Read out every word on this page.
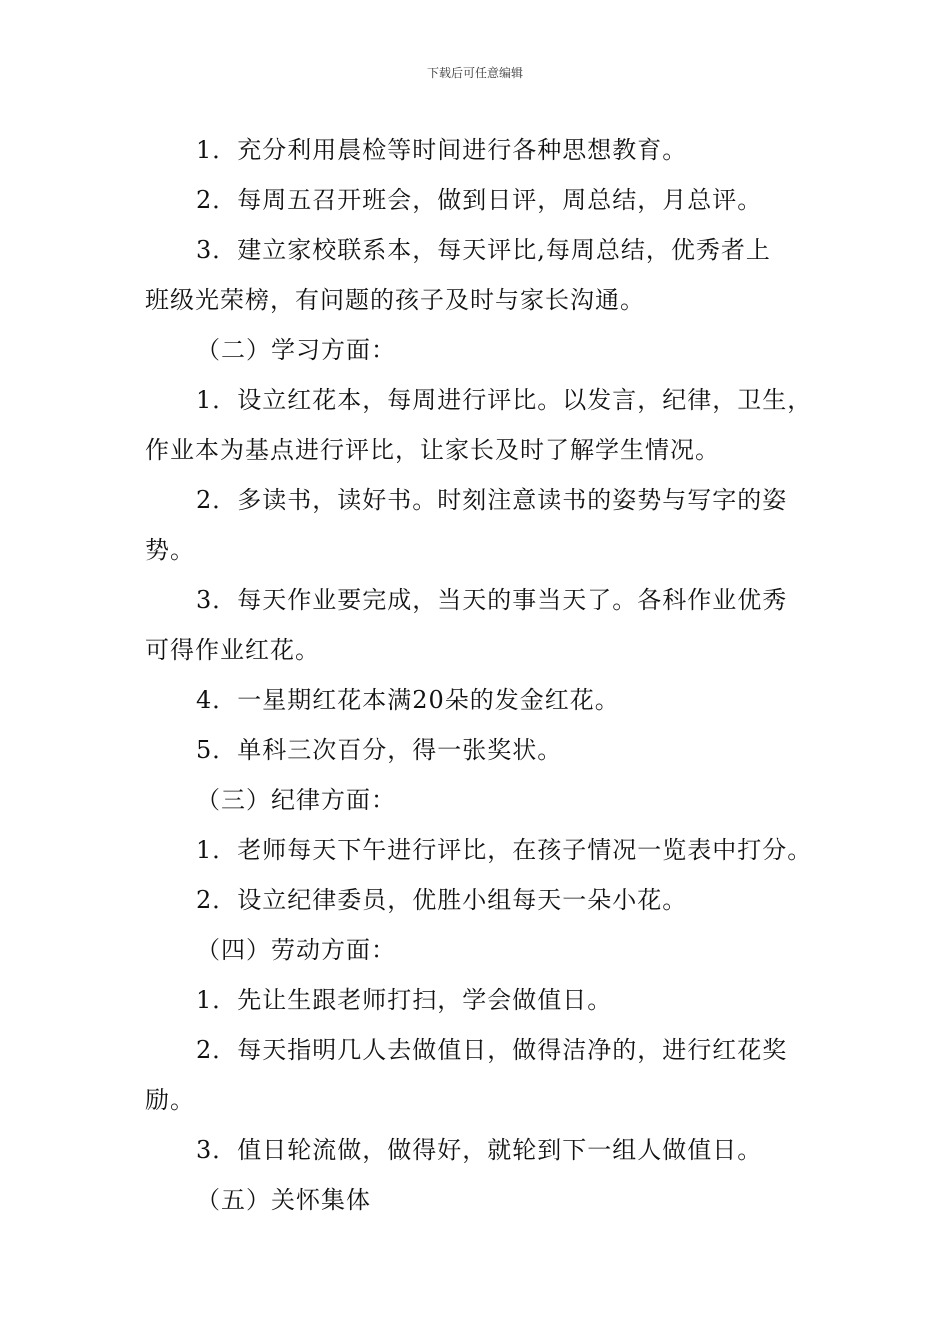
下载后可任意编辑
1．充分利用晨检等时间进行各种思想教育。
2．每周五召开班会，做到日评，周总结，月总评。
3．建立家校联系本，每天评比,每周总结，优秀者上
班级光荣榜，有问题的孩子及时与家长沟通。
（二）学习方面：
1．设立红花本，每周进行评比。以发言，纪律，卫生，
作业本为基点进行评比，让家长及时了解学生情况。
2．多读书，读好书。时刻注意读书的姿势与写字的姿
势。
3．每天作业要完成，当天的事当天了。各科作业优秀
可得作业红花。
4．一星期红花本满20朵的发金红花。
5．单科三次百分，得一张奖状。
（三）纪律方面：
1．老师每天下午进行评比，在孩子情况一览表中打分。
2．设立纪律委员，优胜小组每天一朵小花。
（四）劳动方面：
1．先让生跟老师打扫，学会做值日。
2．每天指明几人去做值日，做得洁净的，进行红花奖
励。
3．值日轮流做，做得好，就轮到下一组人做值日。
（五）关怀集体
